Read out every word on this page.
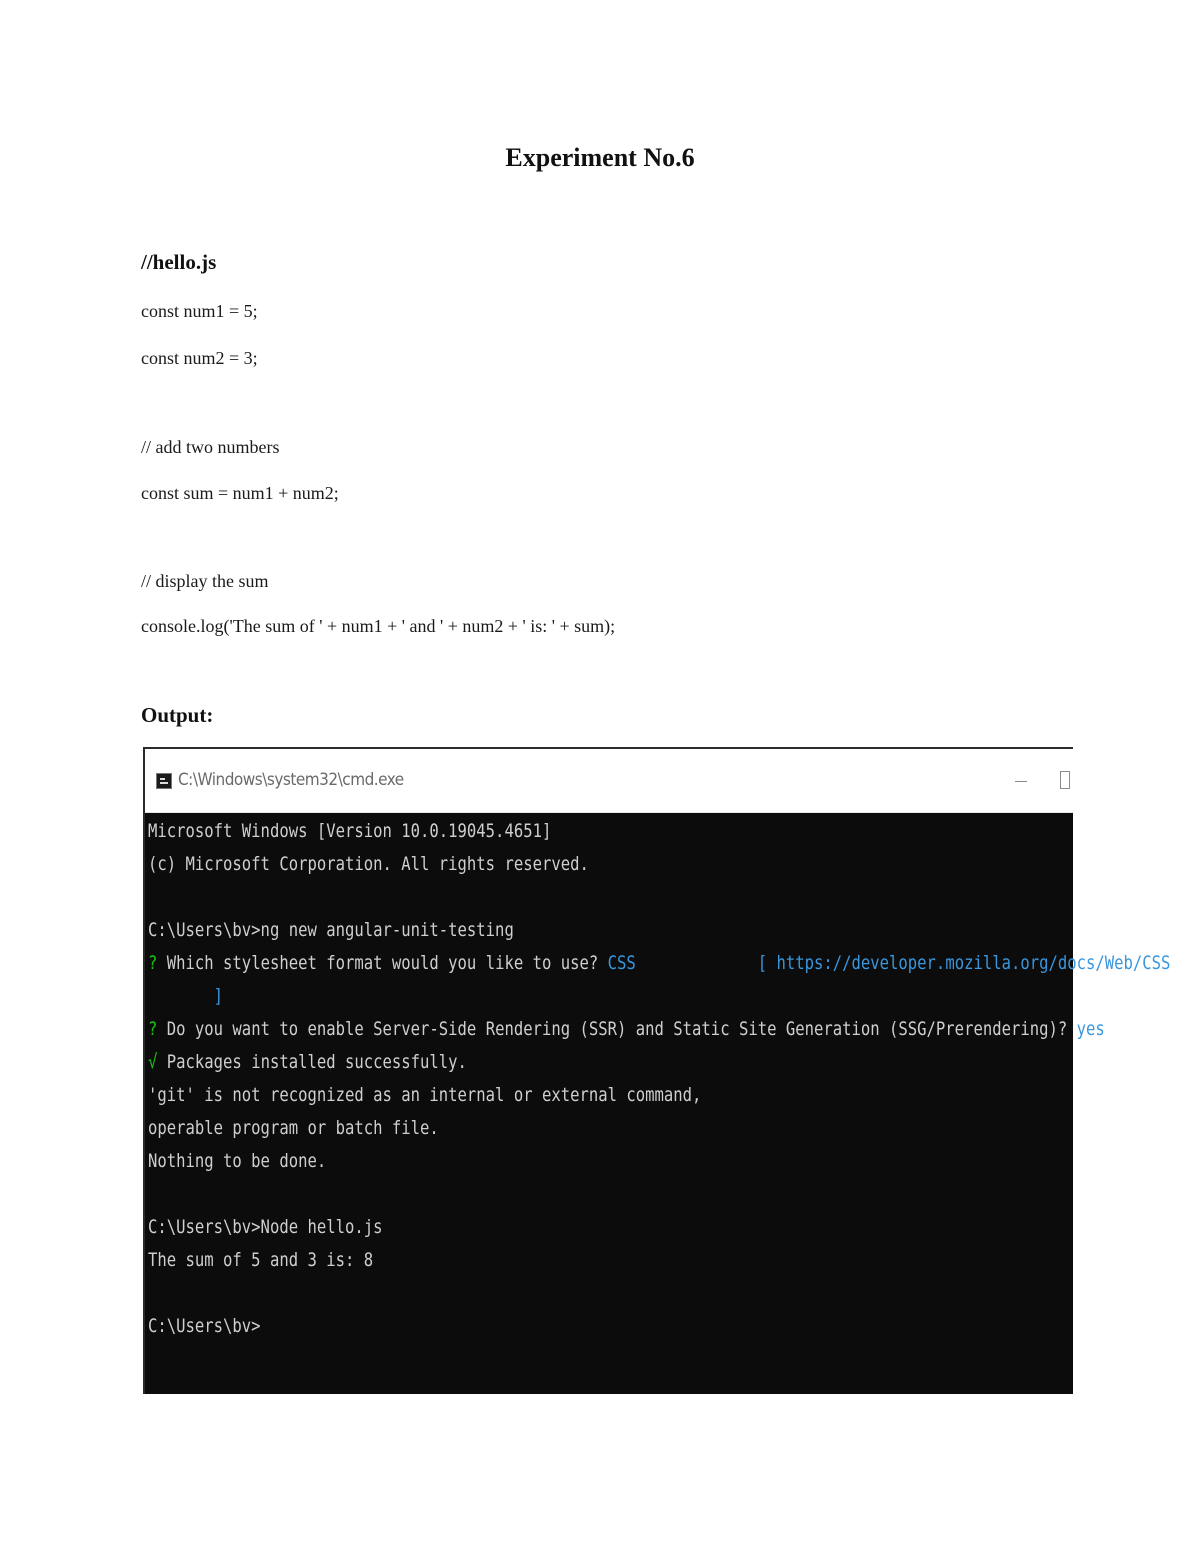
Experiment No.6
//hello.js
const num1 = 5;
const num2 = 3;
// add two numbers
const sum = num1 + num2;
// display the sum
console.log('The sum of ' + num1 + ' and ' + num2 + ' is: ' + sum);
Output:
C:\Windows\system32\cmd.exe
Microsoft Windows [Version 10.0.19045.4651]
(c) Microsoft Corporation. All rights reserved.
C:\Users\bv>ng new angular-unit-testing
? Which stylesheet format would you like to use? CSS             [ https://developer.mozilla.org/docs/Web/CSS
]
? Do you want to enable Server-Side Rendering (SSR) and Static Site Generation (SSG/Prerendering)? yes
√ Packages installed successfully.
'git' is not recognized as an internal or external command,
operable program or batch file.
Nothing to be done.
C:\Users\bv>Node hello.js
The sum of 5 and 3 is: 8
C:\Users\bv>
